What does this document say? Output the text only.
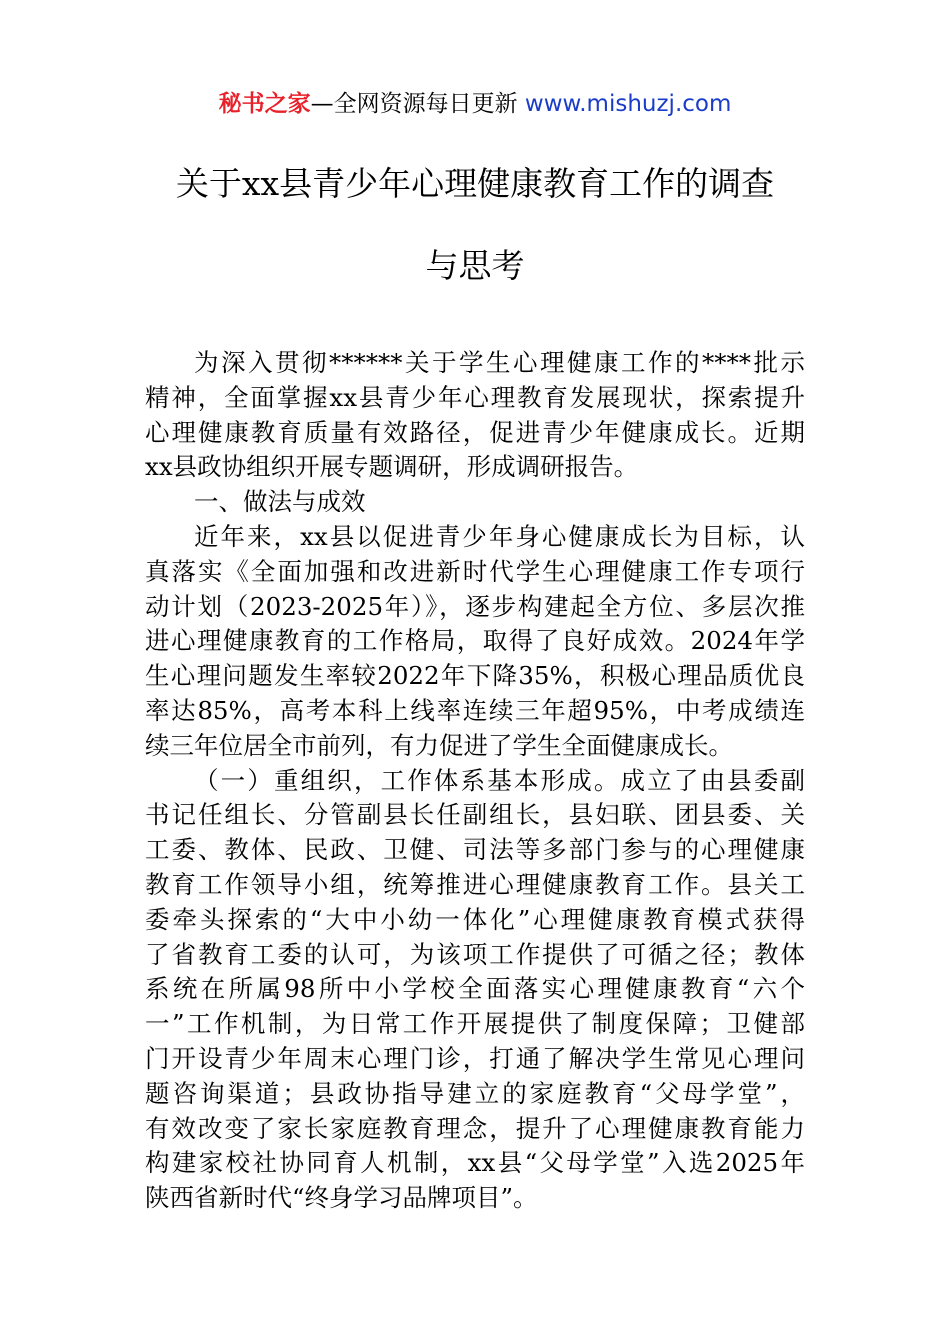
秘书之家—全网资源每日更新 www.mishuzj.com
关于xx县青少年心理健康教育工作的调查
与思考
为深入贯彻******关于学生心理健康工作的****批示
精神，全面掌握xx县青少年心理教育发展现状，探索提升
心理健康教育质量有效路径，促进青少年健康成长。近期
xx县政协组织开展专题调研，形成调研报告。
一、做法与成效
近年来，xx县以促进青少年身心健康成长为目标，认
真落实《全面加强和改进新时代学生心理健康工作专项行
动计划（2023-2025年）》，逐步构建起全方位、多层次推
进心理健康教育的工作格局，取得了良好成效。2024年学
生心理问题发生率较2022年下降35%，积极心理品质优良
率达85%，高考本科上线率连续三年超95%，中考成绩连
续三年位居全市前列，有力促进了学生全面健康成长。
（一）重组织，工作体系基本形成。成立了由县委副
书记任组长、分管副县长任副组长，县妇联、团县委、关
工委、教体、民政、卫健、司法等多部门参与的心理健康
教育工作领导小组，统筹推进心理健康教育工作。县关工
委牵头探索的“大中小幼一体化”心理健康教育模式获得
了省教育工委的认可，为该项工作提供了可循之径；教体
系统在所属98所中小学校全面落实心理健康教育“六个
一”工作机制，为日常工作开展提供了制度保障；卫健部
门开设青少年周末心理门诊，打通了解决学生常见心理问
题咨询渠道；县政协指导建立的家庭教育“父母学堂”，
有效改变了家长家庭教育理念，提升了心理健康教育能力
构建家校社协同育人机制，xx县“父母学堂”入选2025年
陕西省新时代“终身学习品牌项目”。
